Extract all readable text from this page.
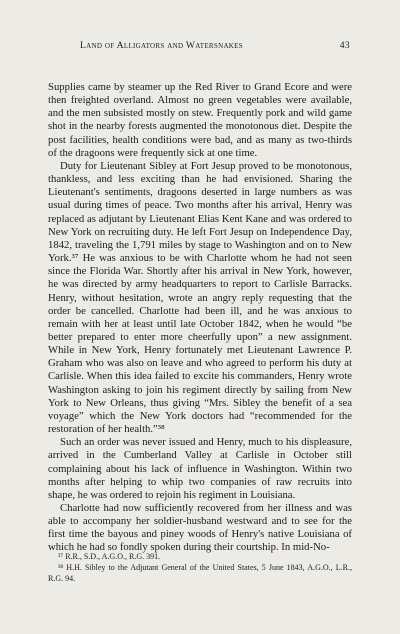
Land of Alligators and Watersnakes	43

Supplies came by steamer up the Red River to Grand Ecore and were then freighted overland. Almost no green vegetables were available, and the men subsisted mostly on stew. Frequently pork and wild game shot in the nearby forests augmented the monotonous diet. Despite the post facilities, health conditions were bad, and as many as two-thirds of the dragoons were frequently sick at one time.

Duty for Lieutenant Sibley at Fort Jesup proved to be monotonous, thankless, and less exciting than he had envisioned. Sharing the Lieutenant's sentiments, dragoons deserted in large numbers as was usual during times of peace. Two months after his arrival, Henry was replaced as adjutant by Lieutenant Elias Kent Kane and was ordered to New York on recruiting duty. He left Fort Jesup on Independence Day, 1842, traveling the 1,791 miles by stage to Washington and on to New York.³⁷ He was anxious to be with Charlotte whom he had not seen since the Florida War. Shortly after his arrival in New York, however, he was directed by army headquarters to report to Carlisle Barracks. Henry, without hesitation, wrote an angry reply requesting that the order be cancelled. Charlotte had been ill, and he was anxious to remain with her at least until late October 1842, when he would “be better prepared to enter more cheerfully upon” a new assignment. While in New York, Henry fortunately met Lieutenant Lawrence P. Graham who was also on leave and who agreed to perform his duty at Carlisle. When this idea failed to excite his commanders, Henry wrote Washington asking to join his regiment directly by sailing from New York to New Orleans, thus giving “Mrs. Sibley the benefit of a sea voyage” which the New York doctors had “recommended for the restoration of her health.”³⁸

Such an order was never issued and Henry, much to his displeasure, arrived in the Cumberland Valley at Carlisle in October still complaining about his lack of influence in Washington. Within two months after helping to whip two companies of raw recruits into shape, he was ordered to rejoin his regiment in Louisiana.

Charlotte had now sufficiently recovered from her illness and was able to accompany her soldier-husband westward and to see for the first time the bayous and piney woods of Henry's native Louisiana of which he had so fondly spoken during their courtship. In mid-No-

³⁷ R.R., S.D., A.G.O., R.G. 391.

³⁸ H.H. Sibley to the Adjutant General of the United States, 5 June 1843, A.G.O., L.R., R.G. 94.
